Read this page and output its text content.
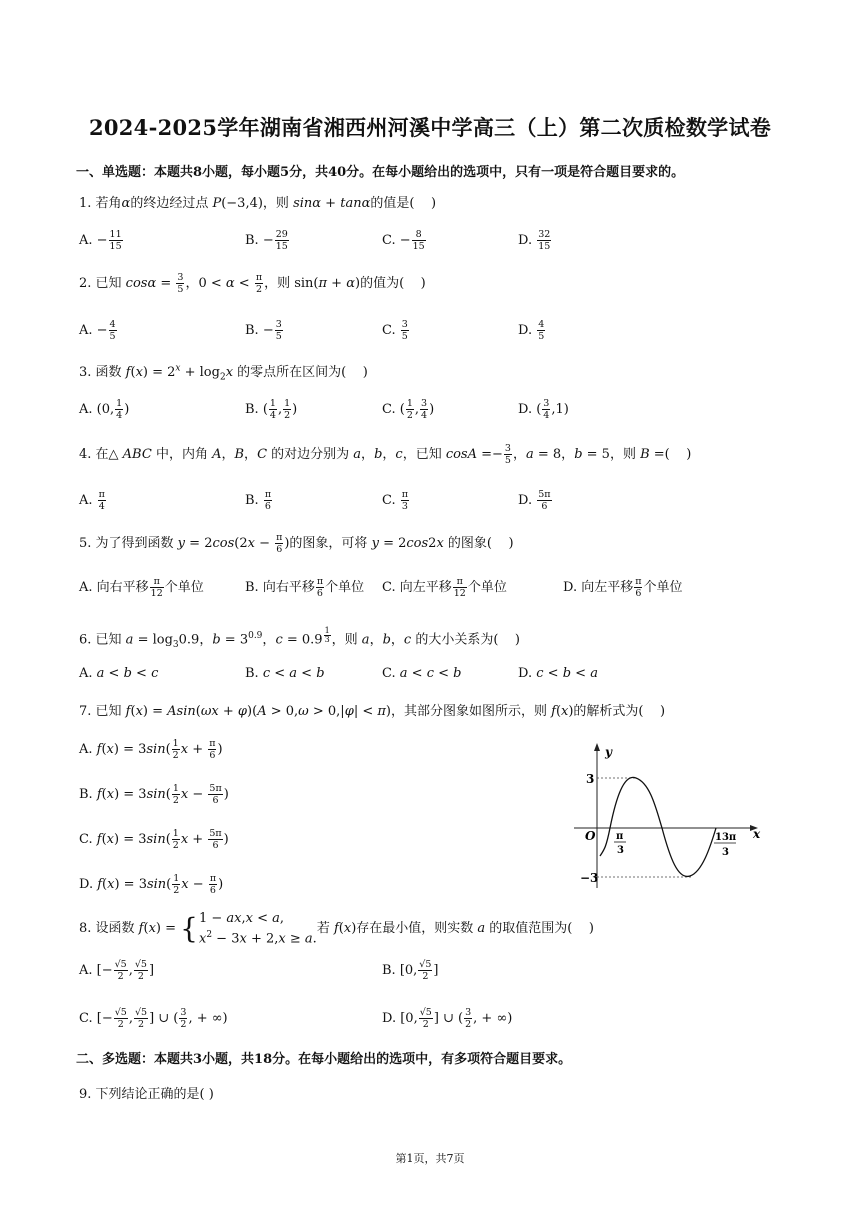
2024-2025学年湖南省湘西州河溪中学高三（上）第二次质检数学试卷
一、单选题：本题共8小题，每小题5分，共40分。在每小题给出的选项中，只有一项是符合题目要求的。
1. 若角α的终边经过点 P(−3,4)，则 sinα + tanα的值是(    )
A. − $\frac{11}{15}$	B. − $\frac{29}{15}$	C. − $\frac{8}{15}$	D. $\frac{32}{15}$
2. 已知 $\cos\alpha = \frac{3}{5}$ ，$0 < \alpha < \frac{\pi}{2}$ ，则 sin(π + α)的值为(    )
A. − $\frac{4}{5}$	B. − $\frac{3}{5}$	C. $\frac{3}{5}$	D. $\frac{4}{5}$
3. 函数 $f(x) = 2^x + \log_2x$ 的零点所在区间为(    )
A. (0, $\frac{1}{4}$ )	B. ( $\frac{1}{4}$ , $\frac{1}{2}$ )	C. ( $\frac{1}{2}$ , $\frac{3}{4}$ )	D. ( $\frac{3}{4} ,1$)
4. 在△ ABC 中，内角 A，B，C 的对边分别为 a，b，c，已知 $\cos A =- \frac{3}{5}$ ，a = 8，b = 5，则 B =(    )
A. $\frac{\pi}{4}$	B. $\frac{\pi}{6}$	C. $\frac{\pi}{3}$	D. $\frac{5\pi}{6}$
5. 为了得到函数 $y = 2\cos(2x - \frac{\pi}{6}$ )的图象，可将 y = 2cos2x 的图象(    )
A. 向右平移 $\frac{\pi}{12}$ 个单位	B. 向右平移 $\frac{\pi}{6}$ 个单位 C. 向左平移 $\frac{\pi}{12}$ 个单位	D. 向左平移 $\frac{\pi}{6}$ 个单位
6. 已知 $a = \log_30.9$，$b = 3^{0.9}$，c = 0.9 $^{\frac{1}{3}}$ ，则 a，b，c 的大小关系为(    )
A. a < b < c	B. c < a < b	C. a < c < b	D. c < b < a
7. 已知 f(x) = Asin(ωx + φ)(A > 0,ω > 0,|φ| < π)，其部分图象如图所示，则 f(x)的解析式为(    )
A. $f(x) = 3\sin( \frac{1}{2}$ $x + \frac{\pi}{6}$ )
B. $f(x) = 3\sin( \frac{1}{2}$ $x - \frac{5\pi}{6}$ )
C. $f(x) = 3\sin( \frac{1}{2}$ $x + \frac{5\pi}{6}$ )
D. $f(x) = 3\sin( \frac{1}{2}$ $x - \frac{\pi}{6}$ )
y
x
O
3
−3
π
3
13π
3
8. 设函数 f(x) = { 1 − ax,x < a,
$x^2 - 3x + 2,x \ge a$.
若 f(x)存在最小值，则实数 a 的取值范围为(    )
A. [− $\frac{√5}{2}$ , $\frac{√5}{2}$ ]	B. [0, $\frac{√5}{2}$ ]
C. [− $\frac{√5}{2}$ , $\frac{√5}{2}$ ] ∪ ( $\frac{3}{2}$ , + ∞)	D. [0, $\frac{√5}{2}$ ] ∪ ( $\frac{3}{2}$ , + ∞)
二、多选题：本题共3小题，共18分。在每小题给出的选项中，有多项符合题目要求。
9. 下列结论正确的是( )
第1页，共7页
